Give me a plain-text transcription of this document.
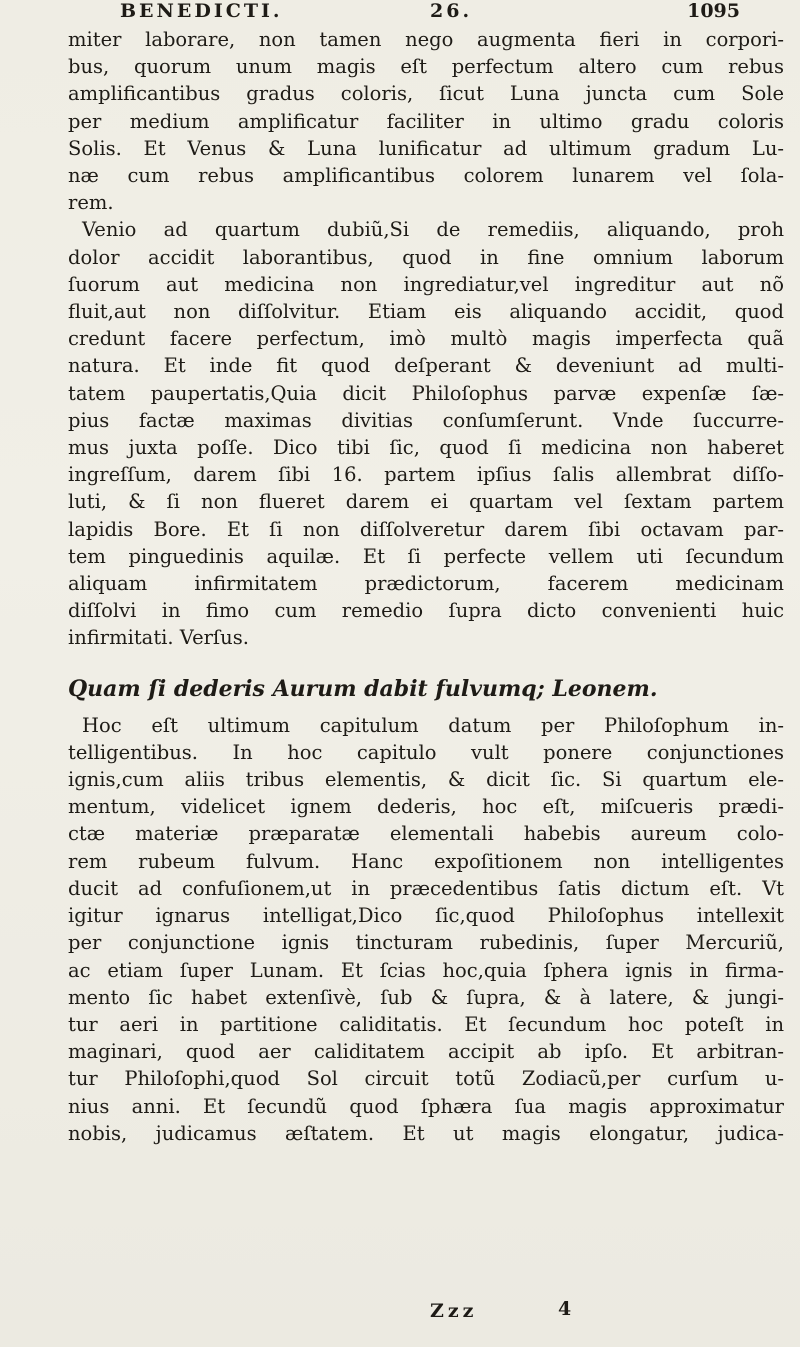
BENEDICTI.	26.	1095
miter laborare, non tamen nego augmenta fieri in corpori-
bus, quorum unum magis eſt perfectum altero cum rebus
amplificantibus gradus coloris, ſicut Luna juncta cum Sole
per medium amplificatur faciliter in ultimo gradu coloris
Solis. Et Venus & Luna lunificatur ad ultimum gradum Lu-
næ cum rebus amplificantibus colorem lunarem vel ſola-
rem.
Venio ad quartum dubiũ,Si de remediis, aliquando, proh
dolor accidit laborantibus, quod in fine omnium laborum
ſuorum aut medicina non ingrediatur,vel ingreditur aut nõ
fluit,aut non diſſolvitur. Etiam eis aliquando accidit, quod
credunt facere perfectum, imò multò magis imperfecta quã
natura. Et inde fit quod deſperant & deveniunt ad multi-
tatem paupertatis,Quia dicit Philoſophus parvæ expenſæ ſæ-
pius factæ maximas divitias conſumſerunt. Vnde ſuccurre-
mus juxta poſſe. Dico tibi ſic, quod ſi medicina non haberet
ingreſſum, darem ſibi 16. partem ipſius ſalis allembrat diſſo-
luti, & ſi non flueret darem ei quartam vel ſextam partem
lapidis Bore. Et ſi non diſſolveretur darem ſibi octavam par-
tem pinguedinis aquilæ. Et ſi perfecte vellem uti ſecundum
aliquam infirmitatem prædictorum, facerem medicinam
diſſolvi in fimo cum remedio ſupra dicto convenienti huic
infirmitati. Verſus.
Quam ſi dederis Aurum dabit fulvumq; Leonem.
Hoc eſt ultimum capitulum datum per Philoſophum in-
telligentibus. In hoc capitulo vult ponere conjunctiones
ignis,cum aliis tribus elementis, & dicit ſic. Si quartum ele-
mentum, videlicet ignem dederis, hoc eſt, miſcueris prædi-
ctæ materiæ præparatæ elementali habebis aureum colo-
rem rubeum fulvum. Hanc expoſitionem non intelligentes
ducit ad confuſionem,ut in præcedentibus ſatis dictum eſt. Vt
igitur ignarus intelligat,Dico ſic,quod Philoſophus intellexit
per conjunctione ignis tincturam rubedinis, ſuper Mercuriũ,
ac etiam ſuper Lunam. Et ſcias hoc,quia ſphera ignis in firma-
mento ſic habet extenſivè, ſub & ſupra, & à latere, & jungi-
tur aeri in partitione caliditatis. Et ſecundum hoc poteſt in
maginari, quod aer caliditatem accipit ab ipſo. Et arbitran-
tur Philoſophi,quod Sol circuit totũ Zodiacũ,per curſum u-
nius anni. Et ſecundũ quod ſphæra ſua magis approximatur
nobis, judicamus æſtatem. Et ut magis elongatur, judica-
Zzz	4
